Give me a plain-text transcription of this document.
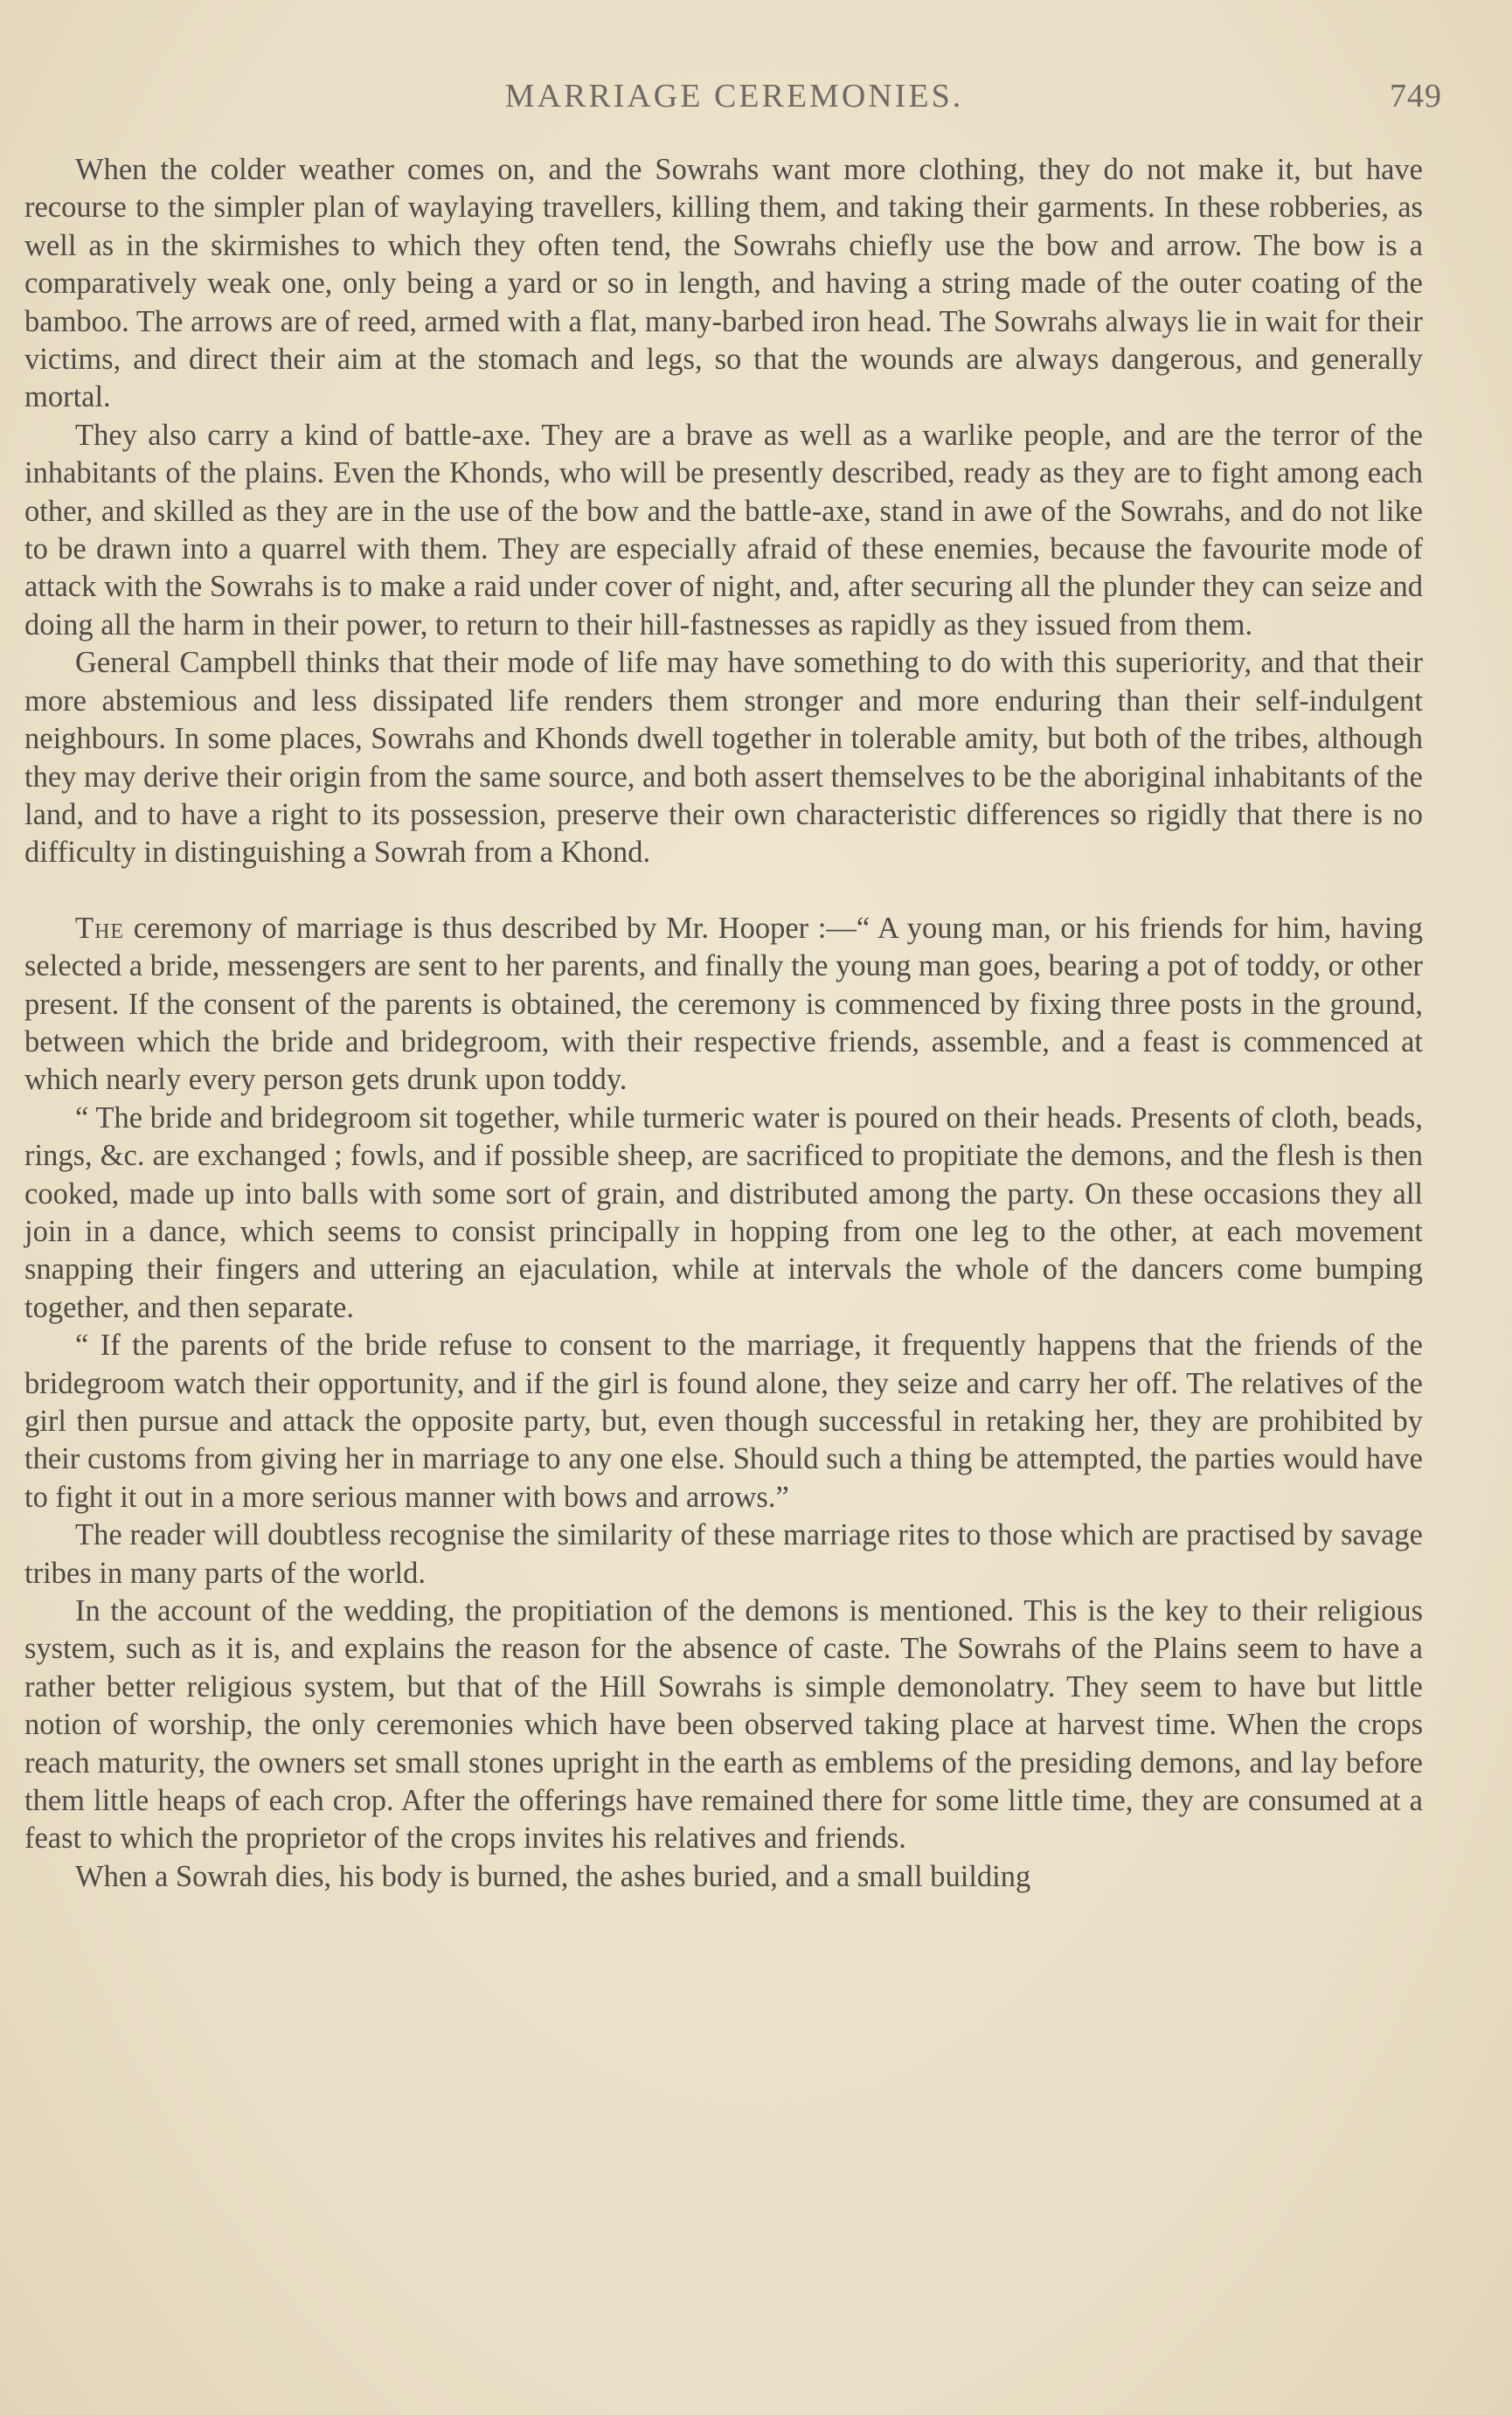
MARRIAGE CEREMONIES.	749

When the colder weather comes on, and the Sowrahs want more clothing, they do not make it, but have recourse to the simpler plan of waylaying travellers, killing them, and taking their garments. In these robberies, as well as in the skirmishes to which they often tend, the Sowrahs chiefly use the bow and arrow. The bow is a comparatively weak one, only being a yard or so in length, and having a string made of the outer coating of the bamboo. The arrows are of reed, armed with a flat, many-barbed iron head. The Sowrahs always lie in wait for their victims, and direct their aim at the stomach and legs, so that the wounds are always dangerous, and generally mortal.

They also carry a kind of battle-axe. They are a brave as well as a warlike people, and are the terror of the inhabitants of the plains. Even the Khonds, who will be presently described, ready as they are to fight among each other, and skilled as they are in the use of the bow and the battle-axe, stand in awe of the Sowrahs, and do not like to be drawn into a quarrel with them. They are especially afraid of these enemies, because the favourite mode of attack with the Sowrahs is to make a raid under cover of night, and, after securing all the plunder they can seize and doing all the harm in their power, to return to their hill-fastnesses as rapidly as they issued from them.

General Campbell thinks that their mode of life may have something to do with this superiority, and that their more abstemious and less dissipated life renders them stronger and more enduring than their self-indulgent neighbours. In some places, Sowrahs and Khonds dwell together in tolerable amity, but both of the tribes, although they may derive their origin from the same source, and both assert themselves to be the aboriginal inhabitants of the land, and to have a right to its possession, preserve their own characteristic differences so rigidly that there is no difficulty in distinguishing a Sowrah from a Khond.

The ceremony of marriage is thus described by Mr. Hooper :—“ A young man, or his friends for him, having selected a bride, messengers are sent to her parents, and finally the young man goes, bearing a pot of toddy, or other present. If the consent of the parents is obtained, the ceremony is commenced by fixing three posts in the ground, between which the bride and bridegroom, with their respective friends, assemble, and a feast is commenced at which nearly every person gets drunk upon toddy.

“ The bride and bridegroom sit together, while turmeric water is poured on their heads. Presents of cloth, beads, rings, &c. are exchanged ; fowls, and if possible sheep, are sacrificed to propitiate the demons, and the flesh is then cooked, made up into balls with some sort of grain, and distributed among the party. On these occasions they all join in a dance, which seems to consist principally in hopping from one leg to the other, at each movement snapping their fingers and uttering an ejaculation, while at intervals the whole of the dancers come bumping together, and then separate.

“ If the parents of the bride refuse to consent to the marriage, it frequently happens that the friends of the bridegroom watch their opportunity, and if the girl is found alone, they seize and carry her off. The relatives of the girl then pursue and attack the opposite party, but, even though successful in retaking her, they are prohibited by their customs from giving her in marriage to any one else. Should such a thing be attempted, the parties would have to fight it out in a more serious manner with bows and arrows.”

The reader will doubtless recognise the similarity of these marriage rites to those which are practised by savage tribes in many parts of the world.

In the account of the wedding, the propitiation of the demons is mentioned. This is the key to their religious system, such as it is, and explains the reason for the absence of caste. The Sowrahs of the Plains seem to have a rather better religious system, but that of the Hill Sowrahs is simple demonolatry. They seem to have but little notion of worship, the only ceremonies which have been observed taking place at harvest time. When the crops reach maturity, the owners set small stones upright in the earth as emblems of the presiding demons, and lay before them little heaps of each crop. After the offerings have remained there for some little time, they are consumed at a feast to which the proprietor of the crops invites his relatives and friends.

When a Sowrah dies, his body is burned, the ashes buried, and a small building
